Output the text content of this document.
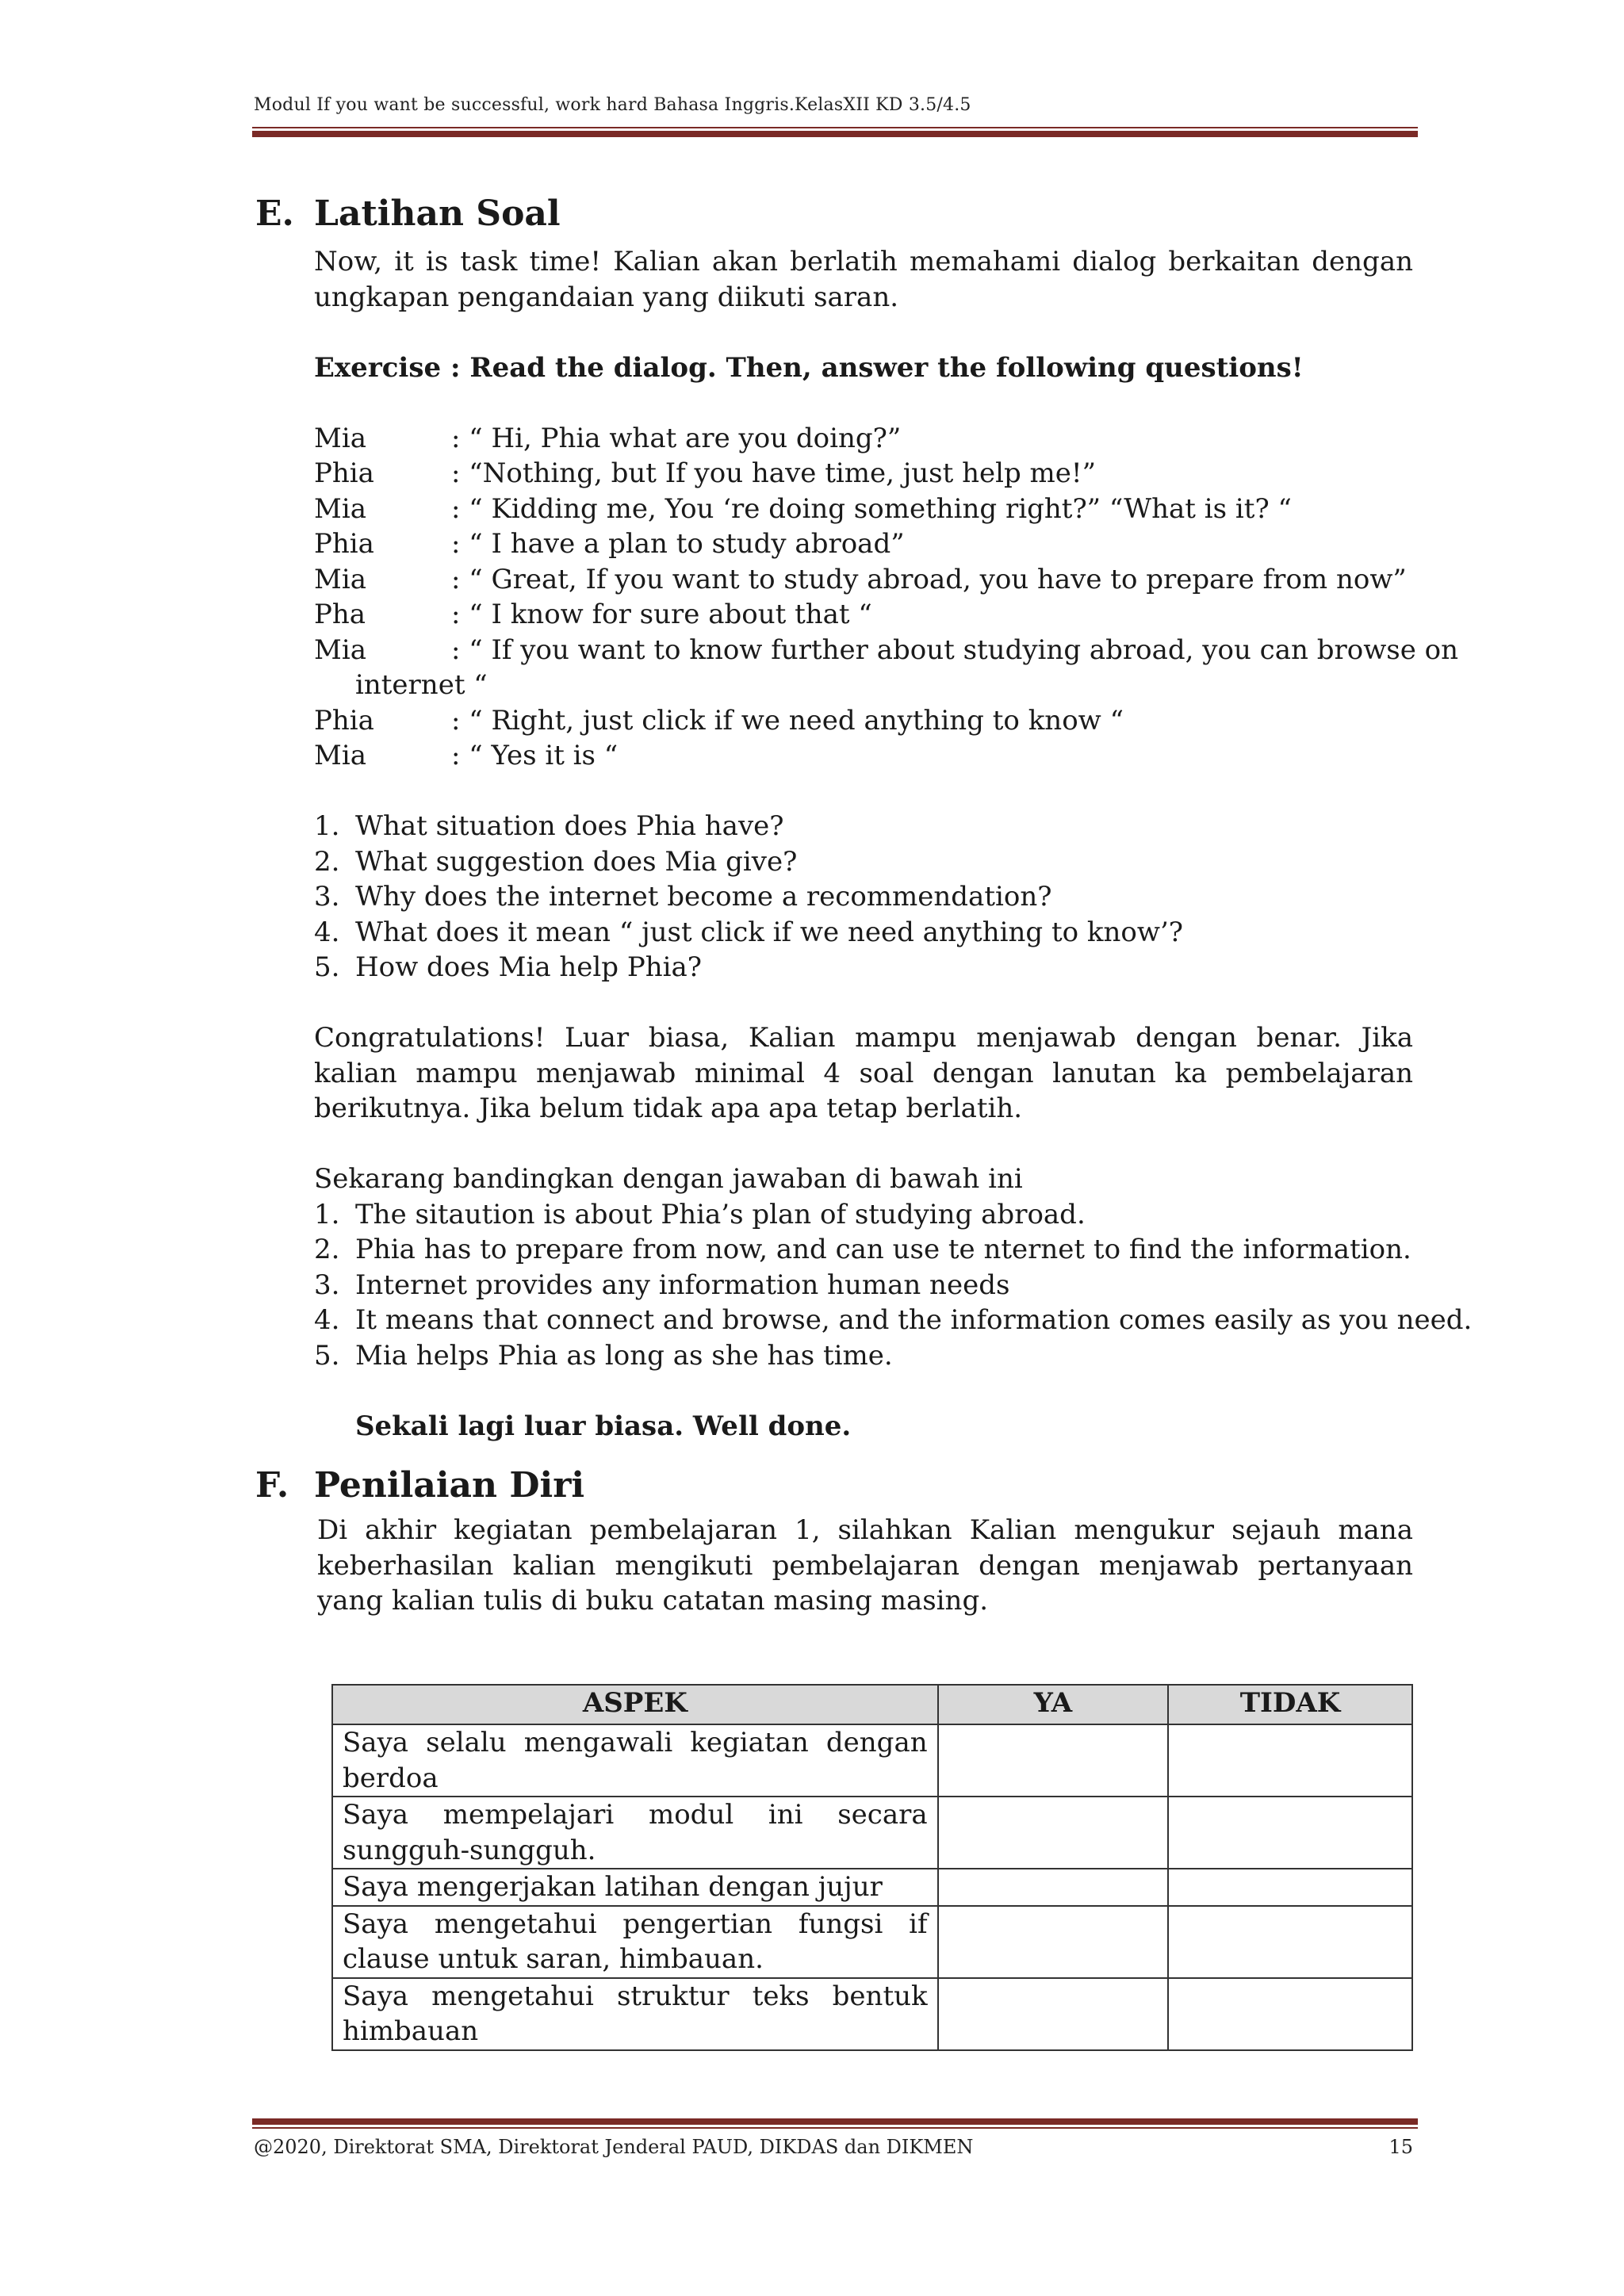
Modul If you want be successful, work hard Bahasa Inggris.KelasXII KD 3.5/4.5
E. Latihan Soal
Now, it is task time! Kalian akan berlatih memahami dialog berkaitan dengan ungkapan pengandaian yang diikuti saran.
Exercise : Read the dialog. Then, answer the following questions!
Mia	: “ Hi, Phia what are you doing?”
Phia	: “Nothing, but If you have time, just help me!”
Mia	: “ Kidding me, You ‘re doing something right?” “What is it? “
Phia	: “ I have a plan to study abroad”
Mia	: “ Great, If you want to study abroad, you have to prepare from now”
Pha	: “ I know for sure about that “
Mia	: “ If you want to know further about studying abroad, you can browse on
internet “
Phia	: “ Right, just click if we need anything to know “
Mia	: “ Yes it is “
1. What situation does Phia have?
2. What suggestion does Mia give?
3. Why does the internet become a recommendation?
4. What does it mean “ just click if we need anything to know’?
5. How does Mia help Phia?
Congratulations! Luar biasa, Kalian mampu menjawab dengan benar. Jika kalian mampu menjawab minimal 4 soal dengan lanutan ka pembelajaran berikutnya. Jika belum tidak apa apa tetap berlatih.
Sekarang bandingkan dengan jawaban di bawah ini
1. The sitaution is about Phia’s plan of studying abroad.
2. Phia has to prepare from now, and can use te nternet to find the information.
3. Internet provides any information human needs
4. It means that connect and browse, and the information comes easily as you need.
5. Mia helps Phia as long as she has time.
Sekali lagi luar biasa. Well done.
F. Penilaian Diri
Di akhir kegiatan pembelajaran 1, silahkan Kalian mengukur sejauh mana keberhasilan kalian mengikuti pembelajaran dengan menjawab pertanyaan yang kalian tulis di buku catatan masing masing.
ASPEK	YA	TIDAK
Saya selalu mengawali kegiatan dengan berdoa		
Saya mempelajari modul ini secara sungguh-sungguh.		
Saya mengerjakan latihan dengan jujur		
Saya mengetahui pengertian fungsi if clause untuk saran, himbauan.		
Saya mengetahui struktur teks bentuk himbauan		
@2020, Direktorat SMA, Direktorat Jenderal PAUD, DIKDAS dan DIKMEN	15
